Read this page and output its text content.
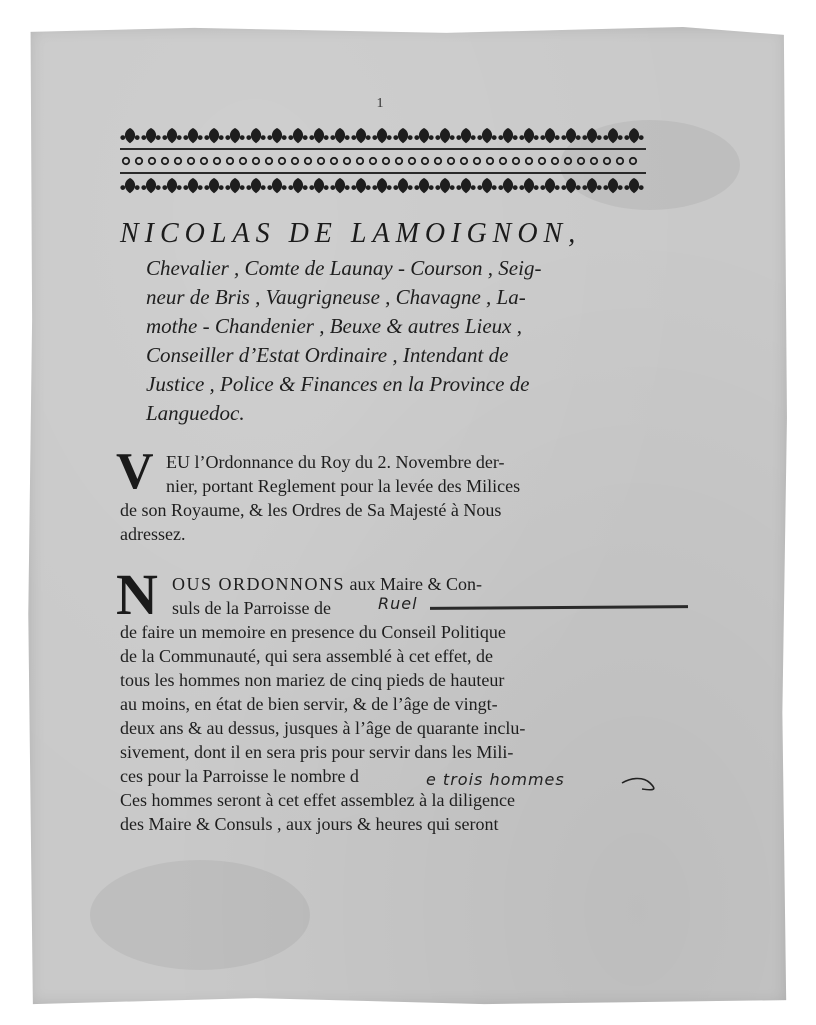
1
NICOLAS DE LAMOIGNON,
Chevalier , Comte de Launay - Courson , Seig-
neur de Bris , Vaugrigneuse , Chavagne , La-
mothe - Chandenier , Beuxe & autres Lieux ,
Conseiller d’Estat Ordinaire , Intendant de
Justice , Police & Finances en la Province de
Languedoc.
V EU l’Ordonnance du Roy du 2. Novembre der-
nier, portant Reglement pour la levée des Milices
de son Royaume, & les Ordres de Sa Majesté à Nous
adressez.
N OUS ORDONNONS aux Maire & Con-
suls de la Parroisse de
de faire un memoire en presence du Conseil Politique
de la Communauté, qui sera assemblé à cet effet, de
tous les hommes non mariez de cinq pieds de hauteur
au moins, en état de bien servir, & de l’âge de vingt-
deux ans & au dessus, jusques à l’âge de quarante inclu-
sivement, dont il en sera pris pour servir dans les Mili-
ces pour la Parroisse le nombre d
Ces hommes seront à cet effet assemblez à la diligence
des Maire & Consuls , aux jours & heures qui seront
Ruel
e trois hommes
